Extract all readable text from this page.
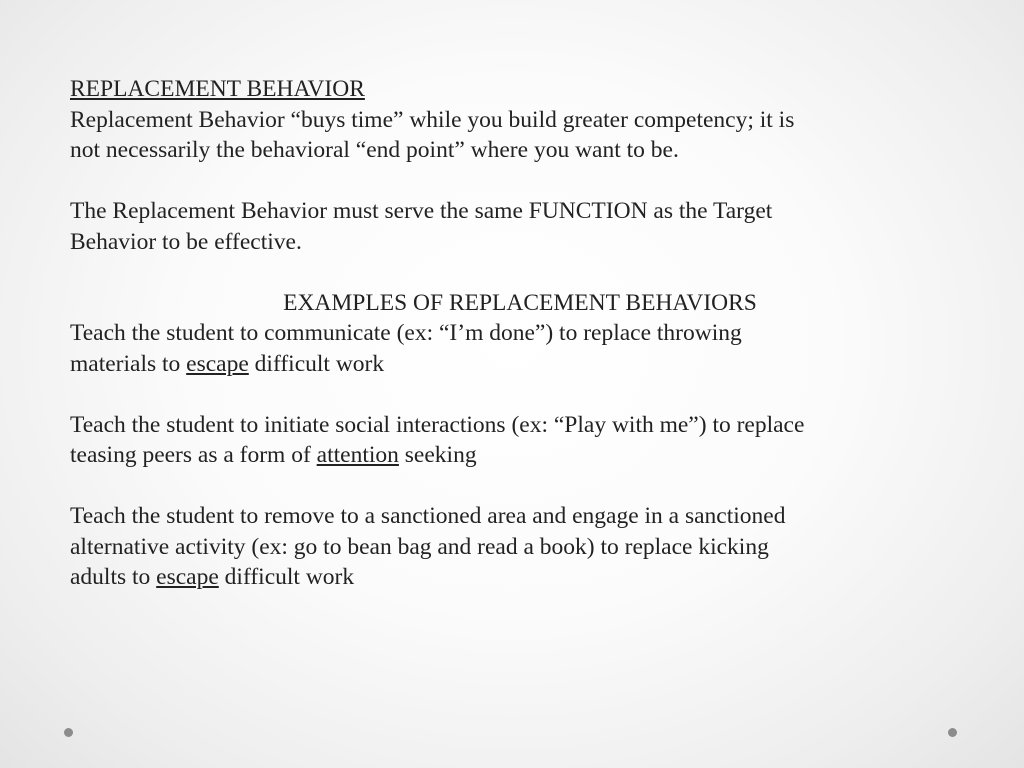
REPLACEMENT BEHAVIOR

Replacement Behavior “buys time” while you build greater competency; it is

not necessarily the behavioral “end point” where you want to be.

The Replacement Behavior must serve the same FUNCTION as the Target

Behavior to be effective.

EXAMPLES OF REPLACEMENT BEHAVIORS

Teach the student to communicate (ex: “I’m done”) to replace throwing

materials to escape difficult work

Teach the student to initiate social interactions (ex: “Play with me”) to replace

teasing peers as a form of attention seeking

Teach the student to remove to a sanctioned area and engage in a sanctioned

alternative activity (ex: go to bean bag and read a book) to replace kicking

adults to escape difficult work
